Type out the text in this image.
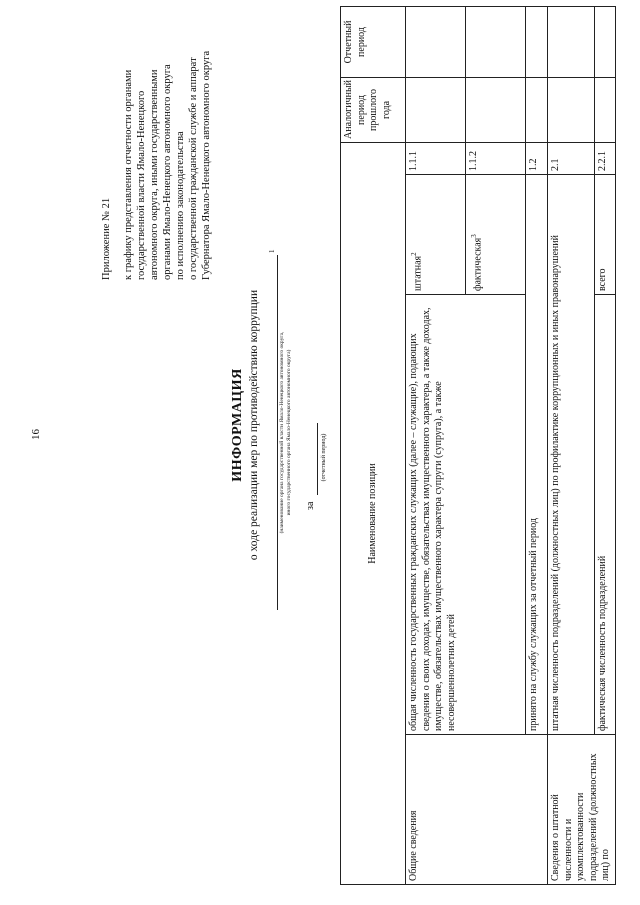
16
Приложение № 21 к графику представления отчетности органами государственной власти Ямало-Ненецкого автономного округа, иными государственными органами Ямало-Ненецкого автономного округа по исполнению законодательства о государственной гражданской службе и аппарат Губернатора Ямало-Ненецкого автономного округа
ИНФОРМАЦИЯ о ходе реализации мер по противодействию коррупции
1
(наименование органа государственной власти Ямало-Ненецкого автономного округа, иного государственного органа Ямало-Ненецкого автономного округа) за
(отчетный период)
Наименование позиции				Аналогичный период прошлого года	Отчетный период
Общие сведения	общая численность государственных гражданских служащих (далее – служащие), подающих сведения о своих доходах, имуществе, обязательствах имущественного характера, а также доходах, имуществе, обязательствах имущественного характера супруги (супруга), а также несовершеннолетних детей	штатная$^2$	1.1.1		
		фактическая$^3$	1.1.2		
	принято на службу служащих за отчетный период		1.2		
Сведения о штатной численности и укомплектованности подразделений (должностных лиц) по	штатная численность подразделений (должностных лиц) по профилактике коррупционных и иных правонарушений		2.1		
	фактическая численность подразделений	всего	2.2.1		
